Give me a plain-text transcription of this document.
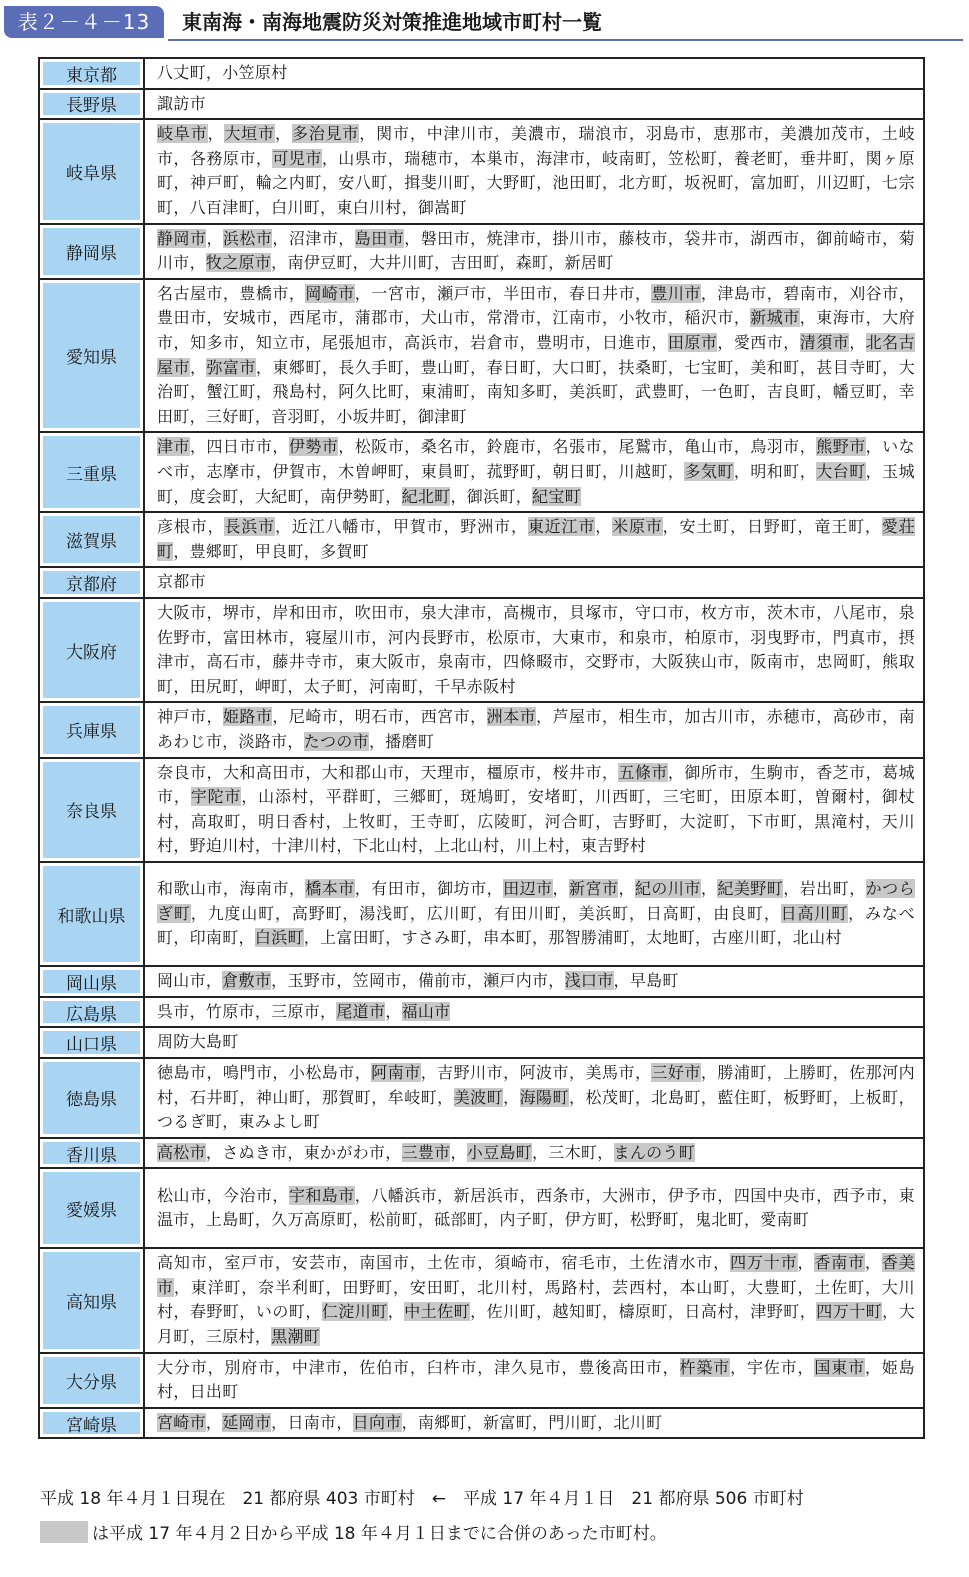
表２－４－13	東南海・南海地震防災対策推進地域市町村一覧
東京都	八丈町，小笠原村
長野県	諏訪市
岐阜県	岐阜市，大垣市，多治見市，関市，中津川市，美濃市，瑞浪市，羽島市，恵那市，美濃加茂市，土岐市，各務原市，可児市，山県市，瑞穂市，本巣市，海津市，岐南町，笠松町，養老町，垂井町，関ヶ原町，神戸町，輪之内町，安八町，揖斐川町，大野町，池田町，北方町，坂祝町，富加町，川辺町，七宗町，八百津町，白川町，東白川村，御嵩町
静岡県	静岡市，浜松市，沼津市，島田市，磐田市，焼津市，掛川市，藤枝市，袋井市，湖西市，御前崎市，菊川市，牧之原市，南伊豆町，大井川町，吉田町，森町，新居町
愛知県	名古屋市，豊橋市，岡崎市，一宮市，瀬戸市，半田市，春日井市，豊川市，津島市，碧南市，刈谷市，豊田市，安城市，西尾市，蒲郡市，犬山市，常滑市，江南市，小牧市，稲沢市，新城市，東海市，大府市，知多市，知立市，尾張旭市，高浜市，岩倉市，豊明市，日進市，田原市，愛西市，清須市，北名古屋市，弥富市，東郷町，長久手町，豊山町，春日町，大口町，扶桑町，七宝町，美和町，甚目寺町，大治町，蟹江町，飛島村，阿久比町，東浦町，南知多町，美浜町，武豊町，一色町，吉良町，幡豆町，幸田町，三好町，音羽町，小坂井町，御津町
三重県	津市，四日市市，伊勢市，松阪市，桑名市，鈴鹿市，名張市，尾鷲市，亀山市，鳥羽市，熊野市，いなべ市，志摩市，伊賀市，木曽岬町，東員町，菰野町，朝日町，川越町，多気町，明和町，大台町，玉城町，度会町，大紀町，南伊勢町，紀北町，御浜町，紀宝町
滋賀県	彦根市，長浜市，近江八幡市，甲賀市，野洲市，東近江市，米原市，安土町，日野町，竜王町，愛荘町，豊郷町，甲良町，多賀町
京都府	京都市
大阪府	大阪市，堺市，岸和田市，吹田市，泉大津市，高槻市，貝塚市，守口市，枚方市，茨木市，八尾市，泉佐野市，富田林市，寝屋川市，河内長野市，松原市，大東市，和泉市，柏原市，羽曳野市，門真市，摂津市，高石市，藤井寺市，東大阪市，泉南市，四條畷市，交野市，大阪狭山市，阪南市，忠岡町，熊取町，田尻町，岬町，太子町，河南町，千早赤阪村
兵庫県	神戸市，姫路市，尼崎市，明石市，西宮市，洲本市，芦屋市，相生市，加古川市，赤穂市，高砂市，南あわじ市，淡路市，たつの市，播磨町
奈良県	奈良市，大和高田市，大和郡山市，天理市，橿原市，桜井市，五條市，御所市，生駒市，香芝市，葛城市，宇陀市，山添村，平群町，三郷町，斑鳩町，安堵町，川西町，三宅町，田原本町，曽爾村，御杖村，高取町，明日香村，上牧町，王寺町，広陵町，河合町，吉野町，大淀町，下市町，黒滝村，天川村，野迫川村，十津川村，下北山村，上北山村，川上村，東吉野村
和歌山県	和歌山市，海南市，橋本市，有田市，御坊市，田辺市，新宮市，紀の川市，紀美野町，岩出町，かつらぎ町，九度山町，高野町，湯浅町，広川町，有田川町，美浜町，日高町，由良町，日高川町，みなべ町，印南町，白浜町，上富田町，すさみ町，串本町，那智勝浦町，太地町，古座川町，北山村
岡山県	岡山市，倉敷市，玉野市，笠岡市，備前市，瀬戸内市，浅口市，早島町
広島県	呉市，竹原市，三原市，尾道市，福山市
山口県	周防大島町
徳島県	徳島市，鳴門市，小松島市，阿南市，吉野川市，阿波市，美馬市，三好市，勝浦町，上勝町，佐那河内村，石井町，神山町，那賀町，牟岐町，美波町，海陽町，松茂町，北島町，藍住町，板野町，上板町，つるぎ町，東みよし町
香川県	高松市，さぬき市，東かがわ市，三豊市，小豆島町，三木町，まんのう町
愛媛県	松山市，今治市，宇和島市，八幡浜市，新居浜市，西条市，大洲市，伊予市，四国中央市，西予市，東温市，上島町，久万高原町，松前町，砥部町，内子町，伊方町，松野町，鬼北町，愛南町
高知県	高知市，室戸市，安芸市，南国市，土佐市，須崎市，宿毛市，土佐清水市，四万十市，香南市，香美市，東洋町，奈半利町，田野町，安田町，北川村，馬路村，芸西村，本山町，大豊町，土佐町，大川村，春野町，いの町，仁淀川町，中土佐町，佐川町，越知町，檮原町，日高村，津野町，四万十町，大月町，三原村，黒潮町
大分県	大分市，別府市，中津市，佐伯市，臼杵市，津久見市，豊後高田市，杵築市，宇佐市，国東市，姫島村，日出町
宮崎県	宮崎市，延岡市，日南市，日向市，南郷町，新富町，門川町，北川町
平成 18 年４月１日現在　21 都府県 403 市町村　←　平成 17 年４月１日　21 都府県 506 市町村
は平成 17 年４月２日から平成 18 年４月１日までに合併のあった市町村。
